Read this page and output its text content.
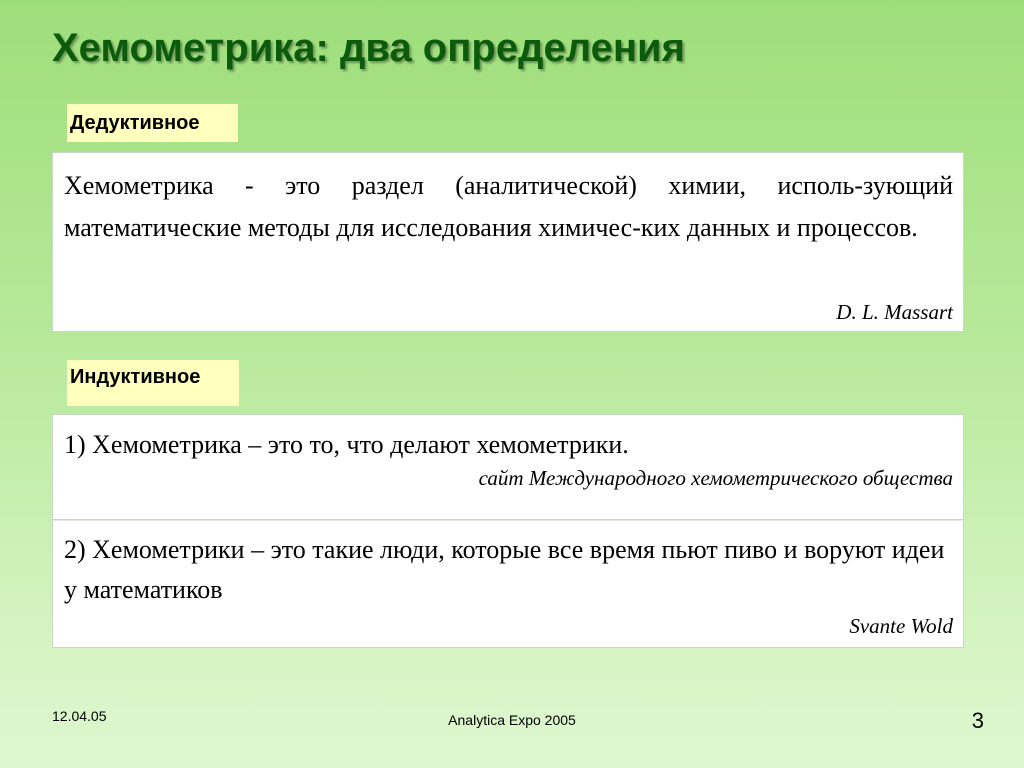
Хемометрика: два определения
Дедуктивное

Хемометрика - это раздел (аналитической) химии, исполь-зующий математические методы для исследования химичес-ких данных и процессов.

D. L. Massart

Индуктивное

1) Хемометрика – это то, что делают хемометрики.

сайт Международного хемометрического общества

2) Хемометрики – это такие люди, которые все время пьют пиво и воруют идеи у математиков

Svante Wold

12.04.05	Analytica Expo 2005	3
